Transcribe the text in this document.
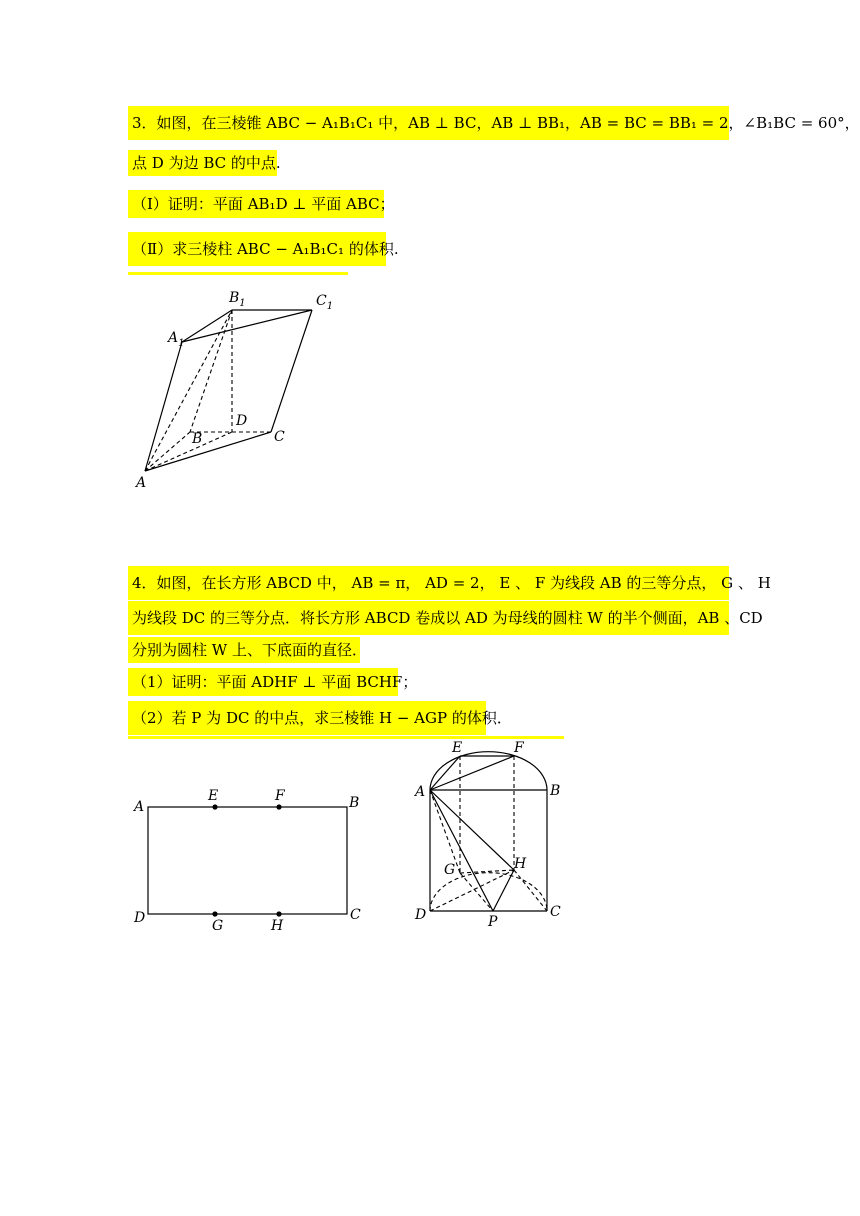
3．如图，在三棱锥 ABC − A₁B₁C₁ 中，AB ⊥ BC，AB ⊥ BB₁，AB = BC = BB₁ = 2，∠B₁BC = 60°，
点 D 为边 BC 的中点.
（Ⅰ）证明：平面 AB₁D ⊥ 平面 ABC；
（Ⅱ）求三棱柱 ABC − A₁B₁C₁ 的体积.
$B_1$	$C_1$
$A_1$
D
B	C
A
4．如图，在长方形 ABCD 中， AB = π， AD = 2， E 、 F 为线段 AB 的三等分点， G 、 H
为线段 DC 的三等分点．将长方形 ABCD 卷成以 AD 为母线的圆柱 W 的半个侧面，AB 、CD
分别为圆柱 W 上、下底面的直径．
（1）证明：平面 ADHF ⊥ 平面 BCHF；
（2）若 P 为 DC 的中点，求三棱锥 H − AGP 的体积．
A
E	F	B
D	G	H
C
E	F
A	B
G	H
D	P
C
